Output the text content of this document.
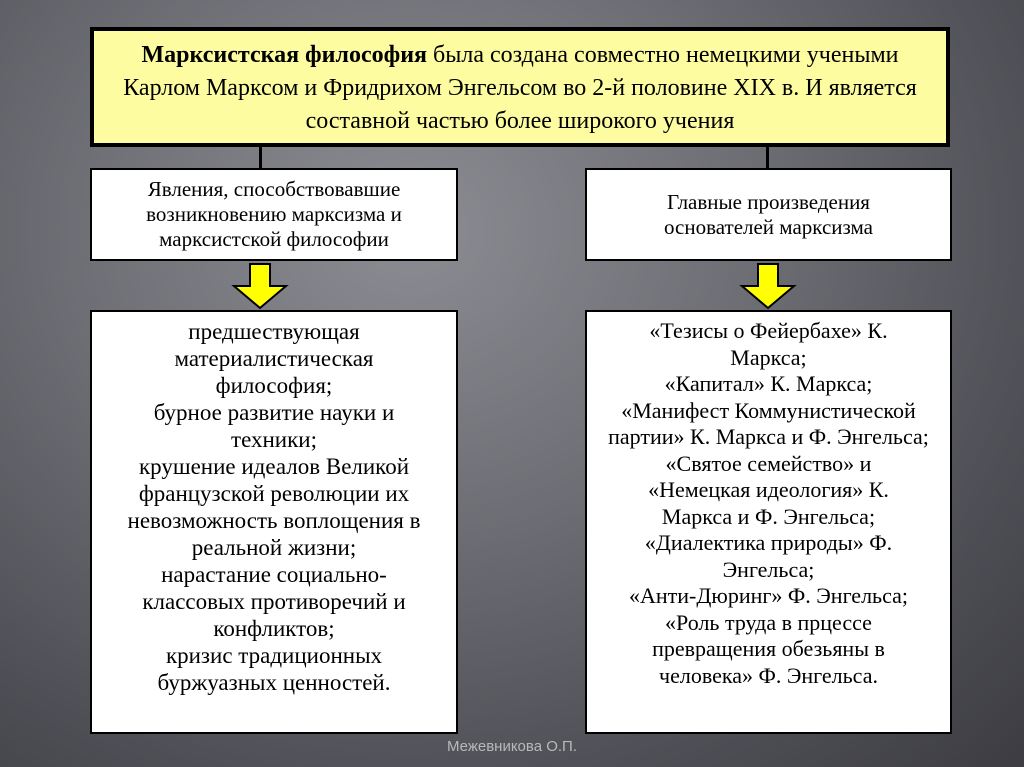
Марксистская философия была создана совместно немецкими учеными Карлом Марксом и Фридрихом Энгельсом во 2-й половине XIX в. И является составной частью более широкого учения
Явления, способствовавшие возникновению марксизма и марксистской философии
Главные произведения основателей марксизма
предшествующая материалистическая философия;
бурное развитие науки и техники;
крушение идеалов Великой французской революции их невозможность воплощения в реальной жизни;
нарастание социально-классовых противоречий и конфликтов;
кризис традиционных буржуазных ценностей.
«Тезисы о Фейербахе» К. Маркса;
«Капитал» К. Маркса;
«Манифест Коммунистической партии» К. Маркса и Ф. Энгельса;
«Святое семейство» и «Немецкая идеология» К. Маркса и Ф. Энгельса;
«Диалектика природы» Ф. Энгельса;
«Анти-Дюринг» Ф. Энгельса;
«Роль труда в прцессе превращения обезьяны в человека» Ф. Энгельса.
Межевникова О.П.
